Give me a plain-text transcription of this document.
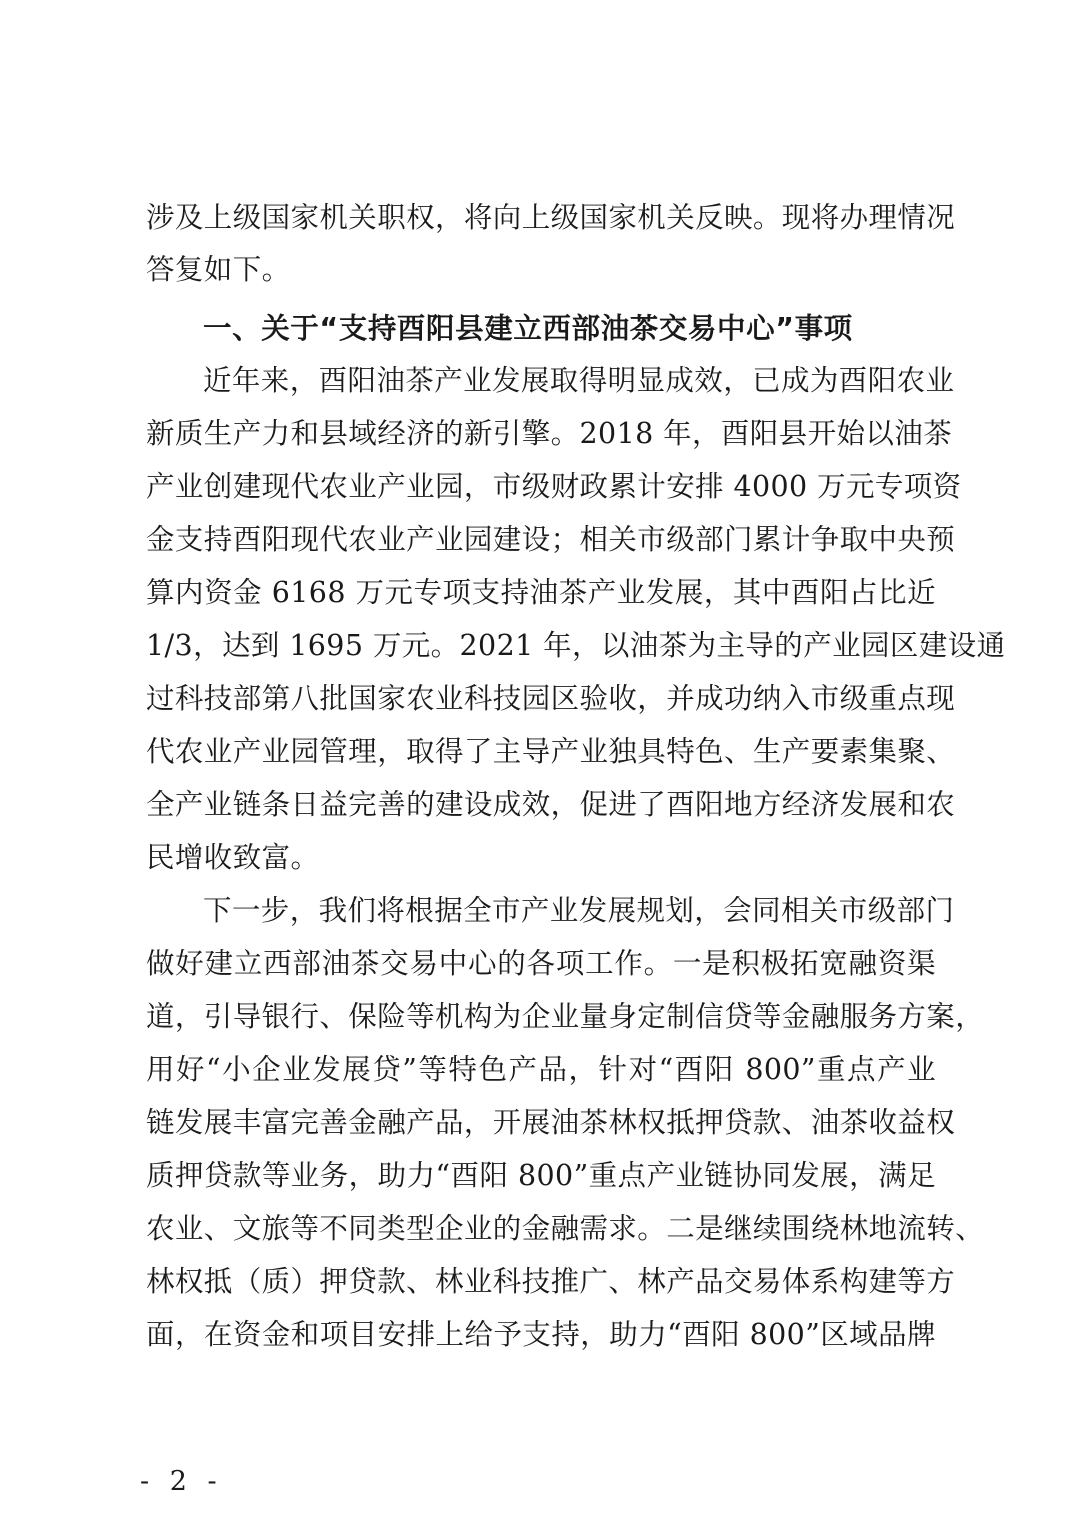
涉及上级国家机关职权，将向上级国家机关反映。现将办理情况
答复如下。
一、关于“支持酉阳县建立西部油茶交易中心”事项
近年来，酉阳油茶产业发展取得明显成效，已成为酉阳农业
新质生产力和县域经济的新引擎。2018 年，酉阳县开始以油茶
产业创建现代农业产业园，市级财政累计安排 4000 万元专项资
金支持酉阳现代农业产业园建设；相关市级部门累计争取中央预
算内资金 6168 万元专项支持油茶产业发展，其中酉阳占比近
1/3，达到 1695 万元。2021 年，以油茶为主导的产业园区建设通
过科技部第八批国家农业科技园区验收，并成功纳入市级重点现
代农业产业园管理，取得了主导产业独具特色、生产要素集聚、
全产业链条日益完善的建设成效，促进了酉阳地方经济发展和农
民增收致富。
下一步，我们将根据全市产业发展规划，会同相关市级部门
做好建立西部油茶交易中心的各项工作。一是积极拓宽融资渠
道，引导银行、保险等机构为企业量身定制信贷等金融服务方案，
用好“小企业发展贷”等特色产品，针对“酉阳 800”重点产业
链发展丰富完善金融产品，开展油茶林权抵押贷款、油茶收益权
质押贷款等业务，助力“酉阳 800”重点产业链协同发展，满足
农业、文旅等不同类型企业的金融需求。二是继续围绕林地流转、
林权抵（质）押贷款、林业科技推广、林产品交易体系构建等方
面，在资金和项目安排上给予支持，助力“酉阳 800”区域品牌
- 2 -
